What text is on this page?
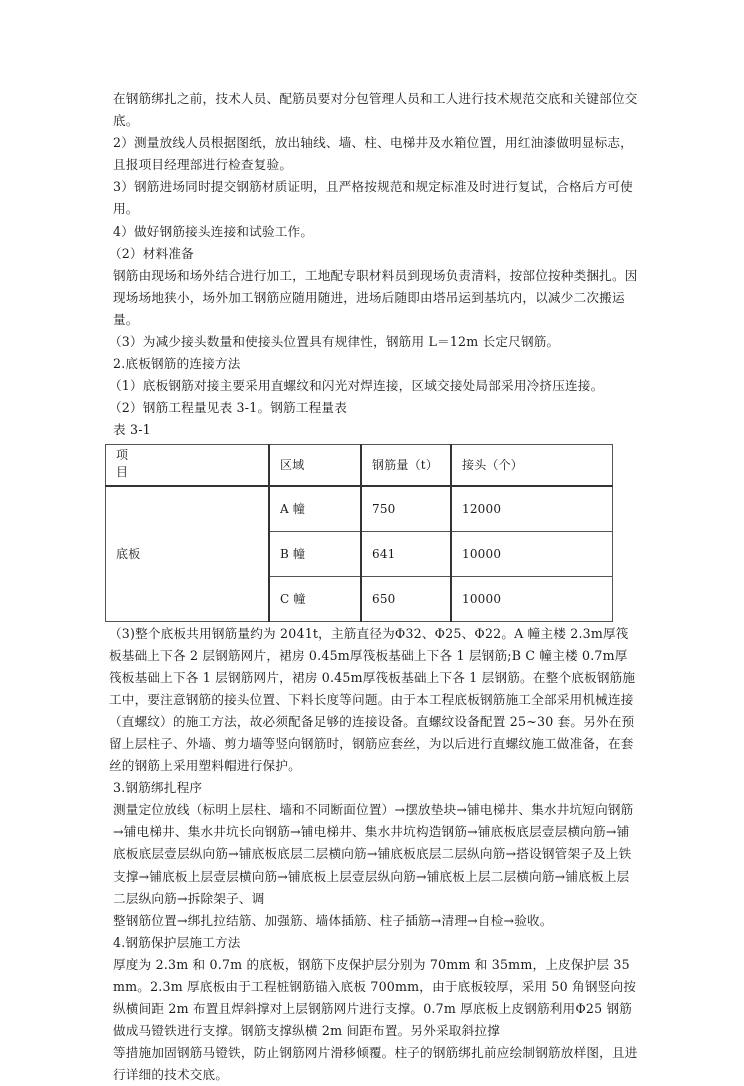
在钢筋绑扎之前，技术人员、配筋员要对分包管理人员和工人进行技术规范交底和关键部位交底。

2）测量放线人员根据图纸，放出轴线、墙、柱、电梯井及水箱位置，用红油漆做明显标志，且报项目经理部进行检查复验。

3）钢筋进场同时提交钢筋材质证明，且严格按规范和规定标准及时进行复试，合格后方可使用。

4）做好钢筋接头连接和试验工作。

（2）材料准备

钢筋由现场和场外结合进行加工，工地配专职材料员到现场负责清料，按部位按种类捆扎。因现场场地狭小，场外加工钢筋应随用随进，进场后随即由塔吊运到基坑内，以减少二次搬运量。

（3）为减少接头数量和使接头位置具有规律性，钢筋用 L＝12m 长定尺钢筋。

2.底板钢筋的连接方法

（1）底板钢筋对接主要采用直螺纹和闪光对焊连接，区域交接处局部采用冷挤压连接。

（2）钢筋工程量见表 3-1。钢筋工程量表

表 3-1

项目	区域	钢筋量（t）	接头（个）
底板	A 幢	750	12000
	B 幢	641	10000
	C 幢	650	10000

（3)整个底板共用钢筋量约为 2041t，主筋直径为Φ32、Φ25、Φ22。A 幢主楼 2.3m厚筏板基础上下各 2 层钢筋网片，裙房 0.45m厚筏板基础上下各 1 层钢筋;B C 幢主楼 0.7m厚筏板基础上下各 1 层钢筋网片，裙房 0.45m厚筏板基础上下各 1 层钢筋。在整个底板钢筋施工中，要注意钢筋的接头位置、下料长度等问题。由于本工程底板钢筋施工全部采用机械连接（直螺纹）的施工方法，故必须配备足够的连接设备。直螺纹设备配置 25~30 套。另外在预留上层柱子、外墙、剪力墙等竖向钢筋时，钢筋应套丝，为以后进行直螺纹施工做准备，在套丝的钢筋上采用塑料帽进行保护。

3.钢筋绑扎程序

测量定位放线（标明上层柱、墙和不同断面位置）→摆放垫块→铺电梯井、集水井坑短向钢筋→铺电梯井、集水井坑长向钢筋→铺电梯井、集水井坑构造钢筋→铺底板底层壹层横向筋→铺底板底层壹层纵向筋→铺底板底层二层横向筋→铺底板底层二层纵向筋→搭设钢管架子及上铁支撑→铺底板上层壹层横向筋→铺底板上层壹层纵向筋→铺底板上层二层横向筋→铺底板上层二层纵向筋→拆除架子、调

整钢筋位置→绑扎拉结筋、加强筋、墙体插筋、柱子插筋→清理→自检→验收。

4.钢筋保护层施工方法

厚度为 2.3m 和 0.7m 的底板，钢筋下皮保护层分别为 70mm 和 35mm，上皮保护层 35mm。2.3m 厚底板由于工程桩钢筋锚入底板 700mm，由于底板较厚，采用 50 角钢竖向按纵横间距 2m 布置且焊斜撑对上层钢筋网片进行支撑。0.7m 厚底板上皮钢筋利用Φ25 钢筋做成马镫铁进行支撑。钢筋支撑纵横 2m 间距布置。另外采取斜拉撑

等措施加固钢筋马镫铁，防止钢筋网片滑移倾覆。柱子的钢筋绑扎前应绘制钢筋放样图，且进行详细的技术交底。
